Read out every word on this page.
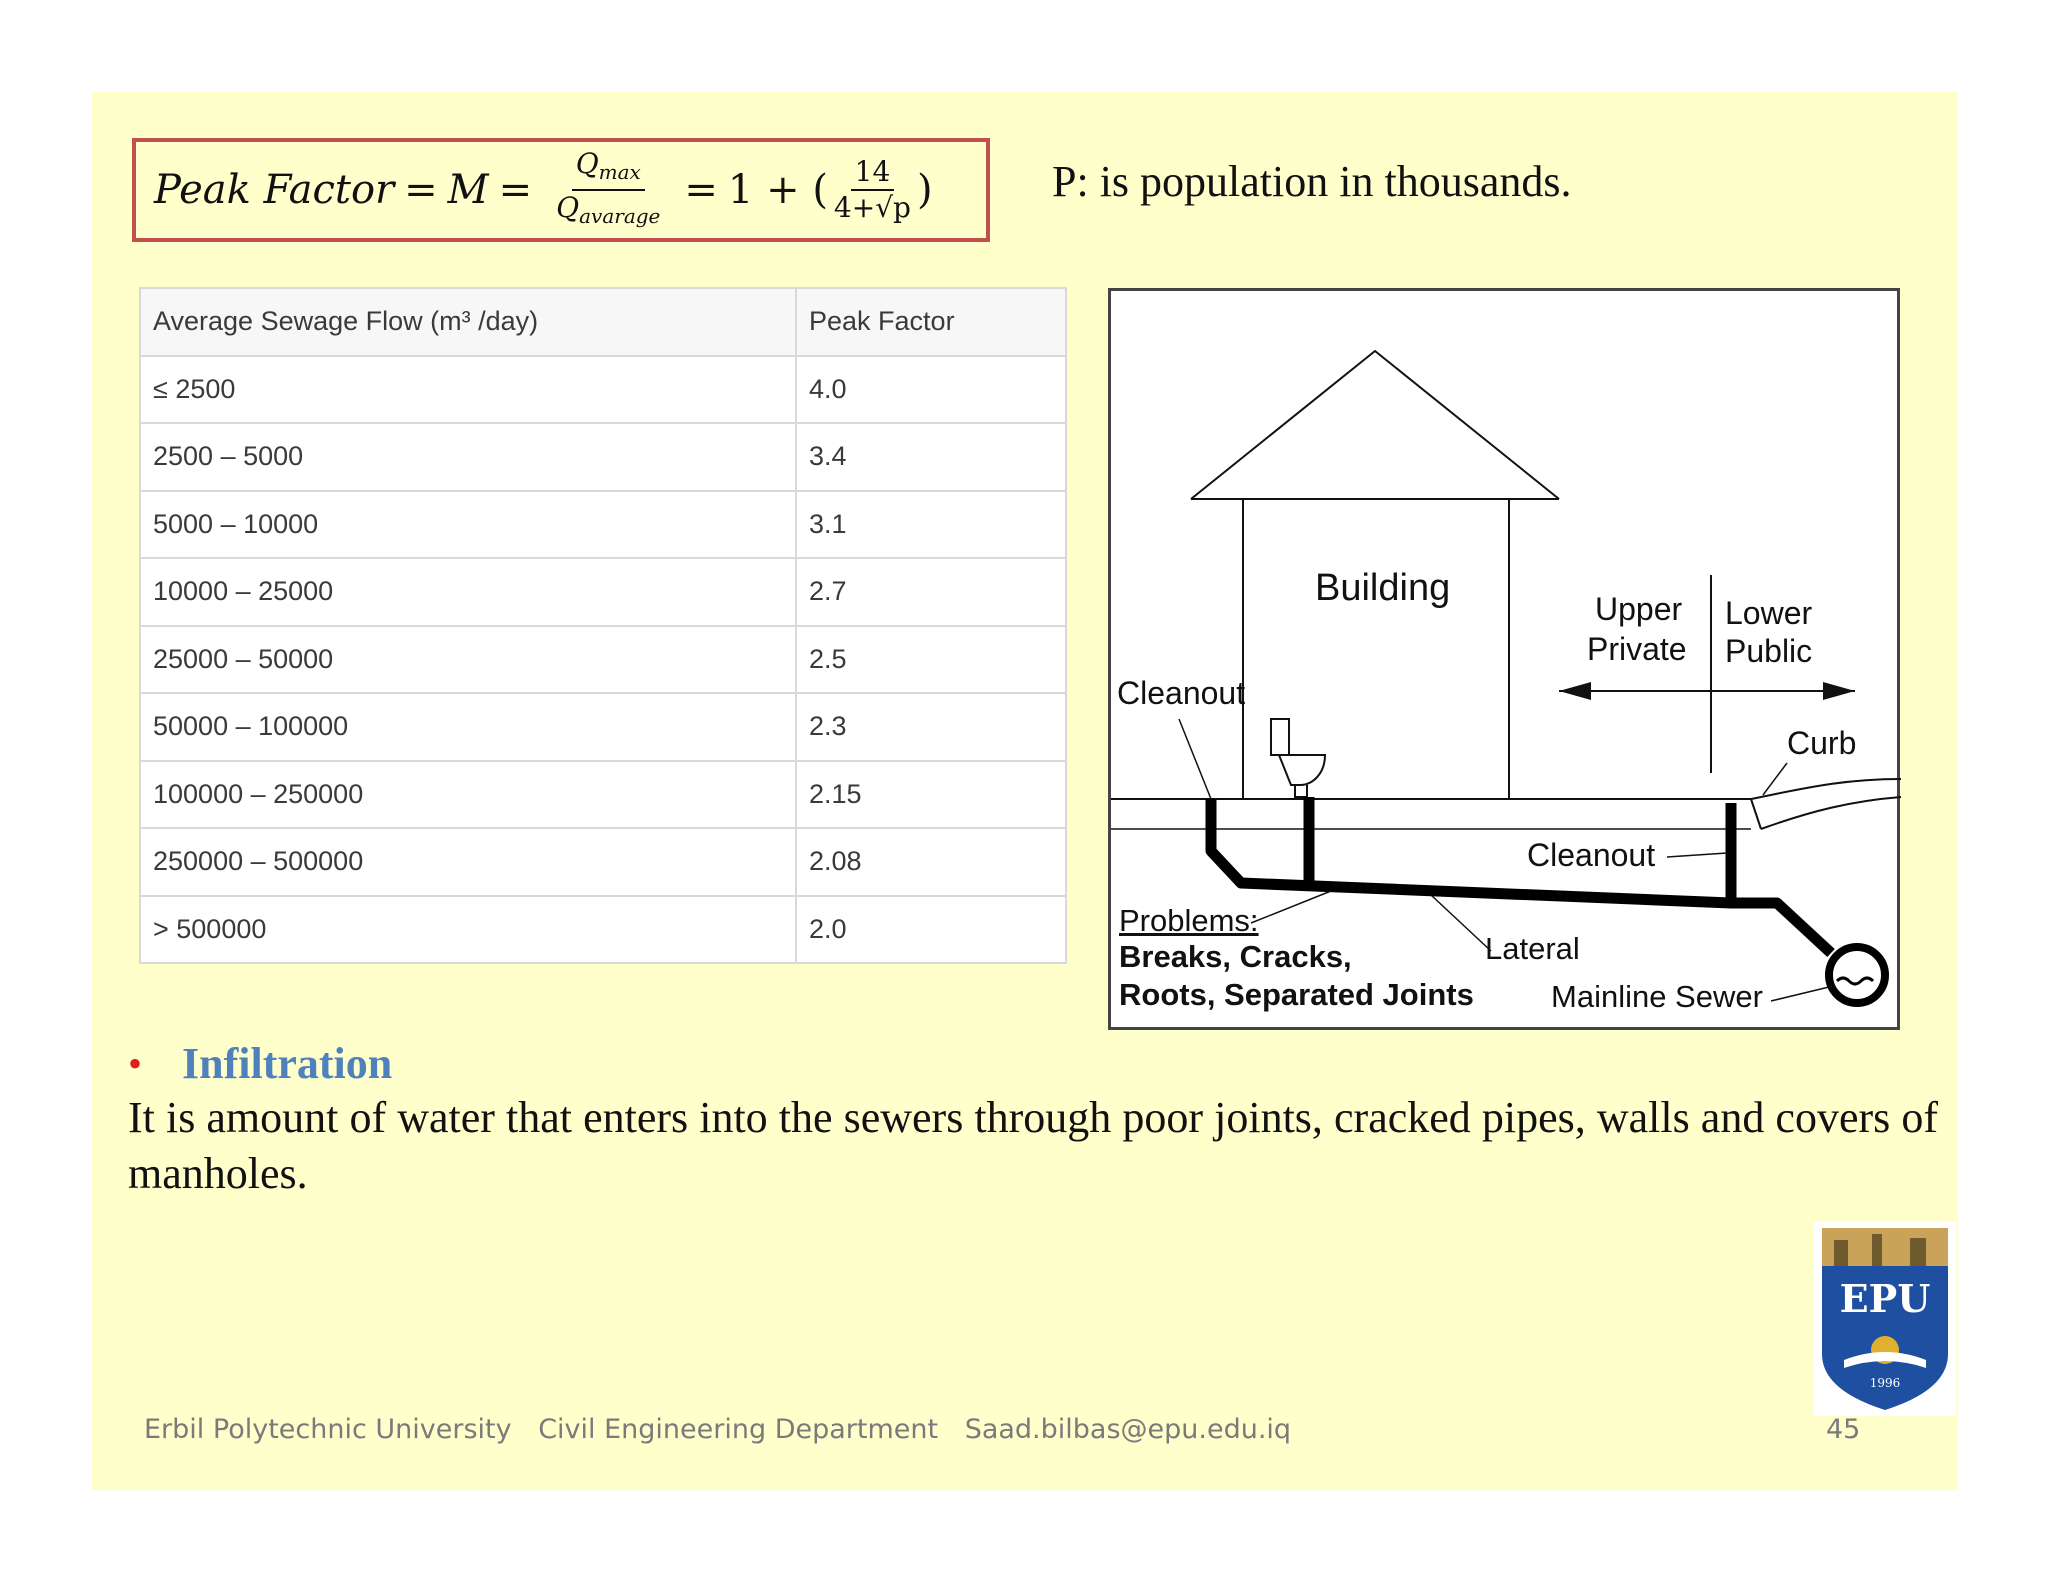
Peak Factor = $M = \frac{Q_{max}}{Q_{avarage}} = 1$ + ( $\frac{14}{4+√p}$ )	P: is population in thousands.
Average Sewage Flow (m³ /day)	Peak Factor
≤ 2500	4.0
2500 – 5000	3.4
5000 – 10000	3.1
10000 – 25000	2.7
25000 – 50000	2.5
50000 – 100000	2.3
100000 – 250000	2.15
250000 – 500000	2.08
> 500000	2.0
Building
Cleanout
Upper
Private
Lower
Public
Curb
Cleanout
Problems:
Breaks, Cracks,
Roots, Separated Joints
Lateral
Mainline Sewer
• Infiltration
It is amount of water that enters into the sewers through poor joints, cracked pipes, walls and covers of manholes.
EPU
1996
Erbil Polytechnic University Civil Engineering Department Saad.bilbas@epu.edu.iq	45
